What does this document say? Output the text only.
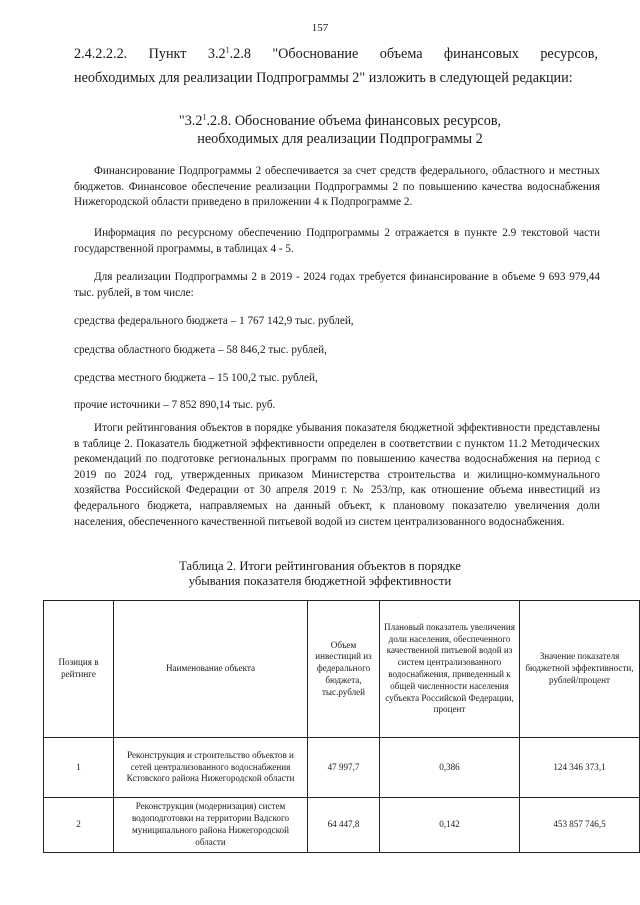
157
2.4.2.2.2. Пункт $3.2^1.2.8$ "Обоснование объема финансовых ресурсов,
необходимых для реализации Подпрограммы 2" изложить в следующей редакции:
"$3.2^1.2.8$. Обоснование объема финансовых ресурсов,
необходимых для реализации Подпрограммы 2
Финансирование Подпрограммы 2 обеспечивается за счет средств федерального, областного и местных бюджетов. Финансовое обеспечение реализации Подпрограммы 2 по повышению качества водоснабжения Нижегородской области приведено в приложении 4 к Подпрограмме 2.
Информация по ресурсному обеспечению Подпрограммы 2 отражается в пункте 2.9 текстовой части государственной программы, в таблицах 4 - 5.
Для реализации Подпрограммы 2 в 2019 - 2024 годах требуется финансирование в объеме 9 693 979,44 тыс. рублей, в том числе:
средства федерального бюджета – 1 767 142,9 тыс. рублей,
средства областного бюджета – 58 846,2 тыс. рублей,
средства местного бюджета – 15 100,2 тыс. рублей,
прочие источники – 7 852 890,14 тыс. руб.
Итоги рейтингования объектов в порядке убывания показателя бюджетной эффективности представлены в таблице 2. Показатель бюджетной эффективности определен в соответствии с пунктом 11.2 Методических рекомендаций по подготовке региональных программ по повышению качества водоснабжения на период с 2019 по 2024 год, утвержденных приказом Министерства строительства и жилищно-коммунального хозяйства Российской Федерации от 30 апреля 2019 г. № 253/пр, как отношение объема инвестиций из федерального бюджета, направляемых на данный объект, к плановому показателю увеличения доли населения, обеспеченного качественной питьевой водой из систем централизованного водоснабжения.
Таблица 2. Итоги рейтингования объектов в порядке
убывания показателя бюджетной эффективности
Позиция в рейтинге	Наименование объекта	Объем инвестиций из федерального бюджета, тыс.рублей	Плановый показатель увеличения доли населения, обеспеченного качественной питьевой водой из систем централизованного водоснабжения, приведенный к общей численности населения субъекта Российской Федерации, процент	Значение показателя бюджетной эффективности, рублей/процент
1	Реконструкция и строительство объектов и сетей централизованного водоснабжения Кстовского района Нижегородской области	47 997,7	0,386	124 346 373,1
2	Реконструкция (модернизация) систем водоподготовки на территории Вадского муниципального района Нижегородской области	64 447,8	0,142	453 857 746,5
